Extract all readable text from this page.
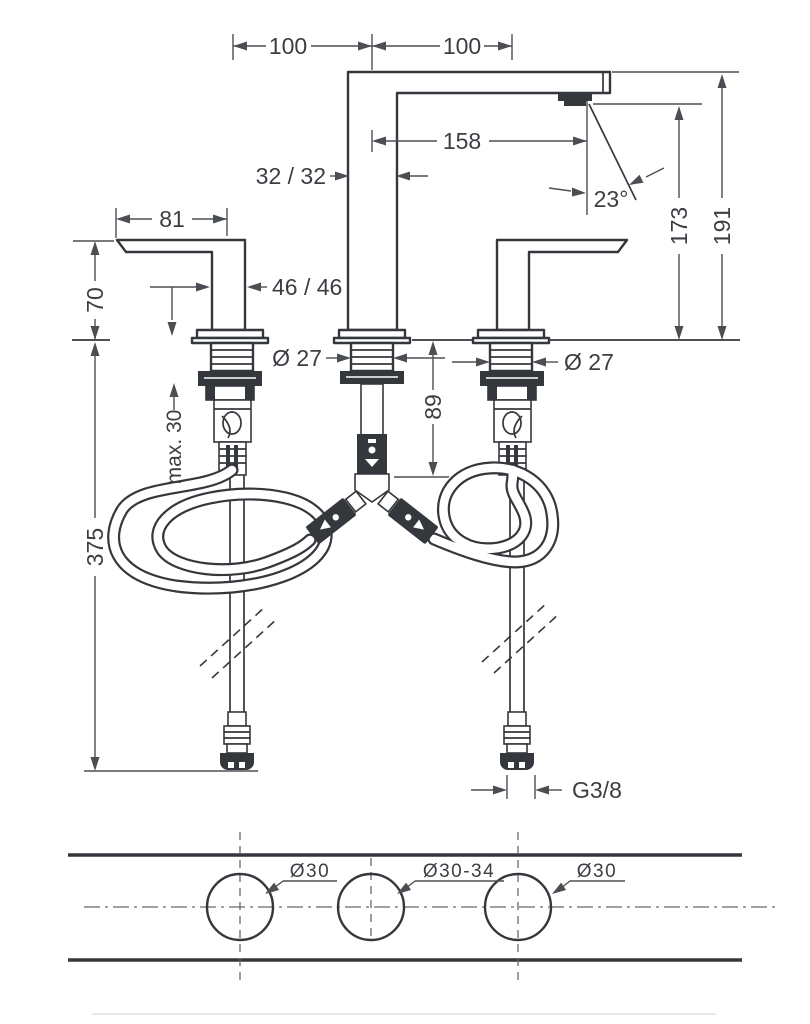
100	100
158
32 / 32
23°
81
70	46 / 46
Ø 27	Ø 27
max. 30
89
173 191
375
G3/8
Ø30	Ø30-34	Ø30
